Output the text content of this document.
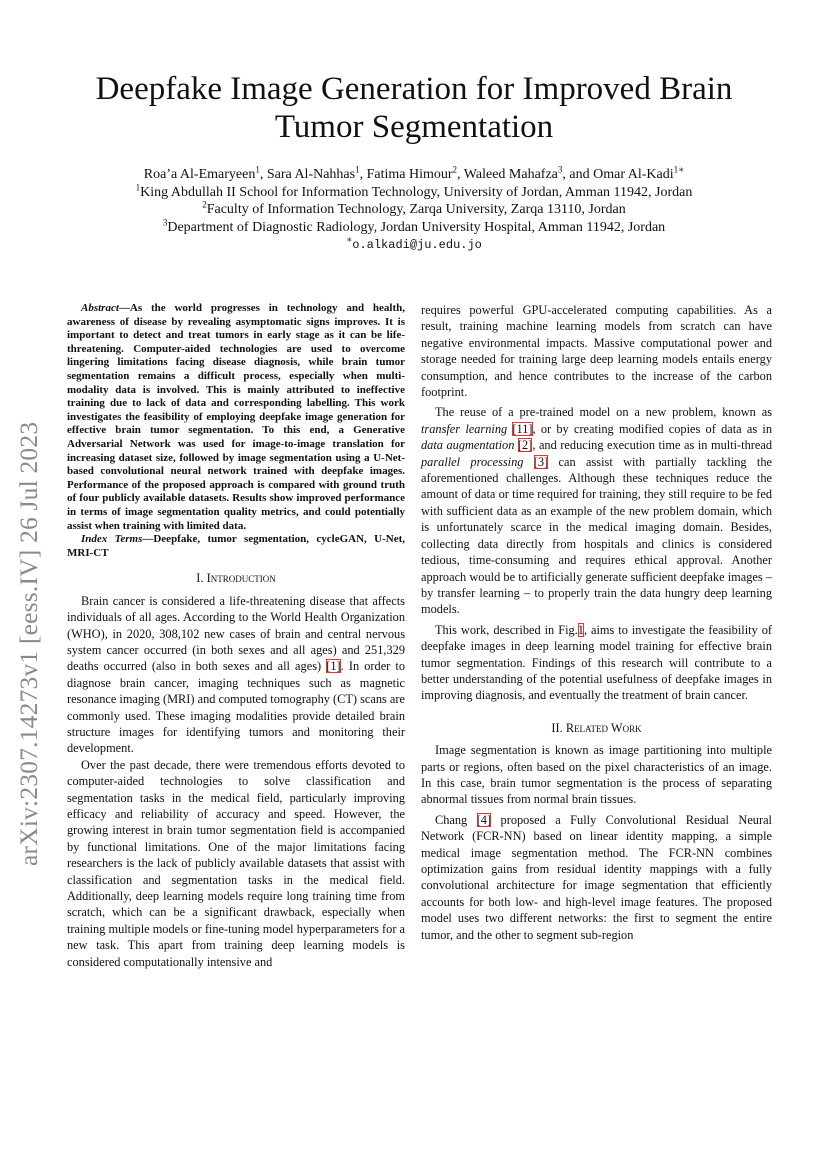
arXiv:2307.14273v1 [eess.IV] 26 Jul 2023
Deepfake Image Generation for Improved Brain
Tumor Segmentation
Roa’a Al-Emaryeen$^1$, Sara Al-Nahhas$^1$, Fatima Himour$^2$, Waleed Mahafza$^3$, and Omar Al-Kadi$^{1∗}$
$^1$King Abdullah II School for Information Technology, University of Jordan, Amman 11942, Jordan
$^2$Faculty of Information Technology, Zarqa University, Zarqa 13110, Jordan
$^3$Department of Diagnostic Radiology, Jordan University Hospital, Amman 11942, Jordan
∗o.alkadi@ju.edu.jo

Abstract—As the world progresses in technology and health, awareness of disease by revealing asymptomatic signs improves. It is important to detect and treat tumors in early stage as it can be life-threatening. Computer-aided technologies are used to overcome lingering limitations facing disease diagnosis, while brain tumor segmentation remains a difficult process, especially when multi-modality data is involved. This is mainly attributed to ineffective training due to lack of data and corresponding labelling. This work investigates the feasibility of employing deepfake image generation for effective brain tumor segmentation. To this end, a Generative Adversarial Network was used for image-to-image translation for increasing dataset size, followed by image segmentation using a U-Net-based convolutional neural network trained with deepfake images. Performance of the proposed approach is compared with ground truth of four publicly available datasets. Results show improved performance in terms of image segmentation quality metrics, and could potentially assist when training with limited data.

Index Terms—Deepfake, tumor segmentation, cycleGAN, U-Net, MRI-CT

I. Introduction

Brain cancer is considered a life-threatening disease that affects individuals of all ages. According to the World Health Organization (WHO), in 2020, 308,102 new cases of brain and central nervous system cancer occurred (in both sexes and all ages) and 251,329 deaths occurred (also in both sexes and all ages) [1]. In order to diagnose brain cancer, imaging techniques such as magnetic resonance imaging (MRI) and computed tomography (CT) scans are commonly used. These imaging modalities provide detailed brain structure images for identifying tumors and monitoring their development.

Over the past decade, there were tremendous efforts devoted to computer-aided technologies to solve classification and segmentation tasks in the medical field, particularly improving efficacy and reliability of accuracy and speed. However, the growing interest in brain tumor segmentation field is accompanied by functional limitations. One of the major limitations facing researchers is the lack of publicly available datasets that assist with classification and segmentation tasks in the medical field. Additionally, deep learning models require long training time from scratch, which can be a significant drawback, especially when training multiple models or fine-tuning model hyperparameters for a new task. This apart from training deep learning models is considered computationally intensive and

requires powerful GPU-accelerated computing capabilities. As a result, training machine learning models from scratch can have negative environmental impacts. Massive computational power and storage needed for training large deep learning models entails energy consumption, and hence contributes to the increase of the carbon footprint.

The reuse of a pre-trained model on a new problem, known as transfer learning [11], or by creating modified copies of data as in data augmentation [2], and reducing execution time as in multi-thread parallel processing [3] can assist with partially tackling the aforementioned challenges. Although these techniques reduce the amount of data or time required for training, they still require to be fed with sufficient data as an example of the new problem domain, which is unfortunately scarce in the medical imaging domain. Besides, collecting data directly from hospitals and clinics is considered tedious, time-consuming and requires ethical approval. Another approach would be to artificially generate sufficient deepfake images – by transfer learning – to properly train the data hungry deep learning models.

This work, described in Fig.1, aims to investigate the feasibility of deepfake images in deep learning model training for effective brain tumor segmentation. Findings of this research will contribute to a better understanding of the potential usefulness of deepfake images in improving diagnosis, and eventually the treatment of brain cancer.

II. Related Work

Image segmentation is known as image partitioning into multiple parts or regions, often based on the pixel characteristics of an image. In this case, brain tumor segmentation is the process of separating abnormal tissues from normal brain tissues.

Chang [4] proposed a Fully Convolutional Residual Neural Network (FCR-NN) based on linear identity mapping, a simple medical image segmentation method. The FCR-NN combines optimization gains from residual identity mappings with a fully convolutional architecture for image segmentation that efficiently accounts for both low- and high-level image features. The proposed model uses two different networks: the first to segment the entire tumor, and the other to segment sub-region
